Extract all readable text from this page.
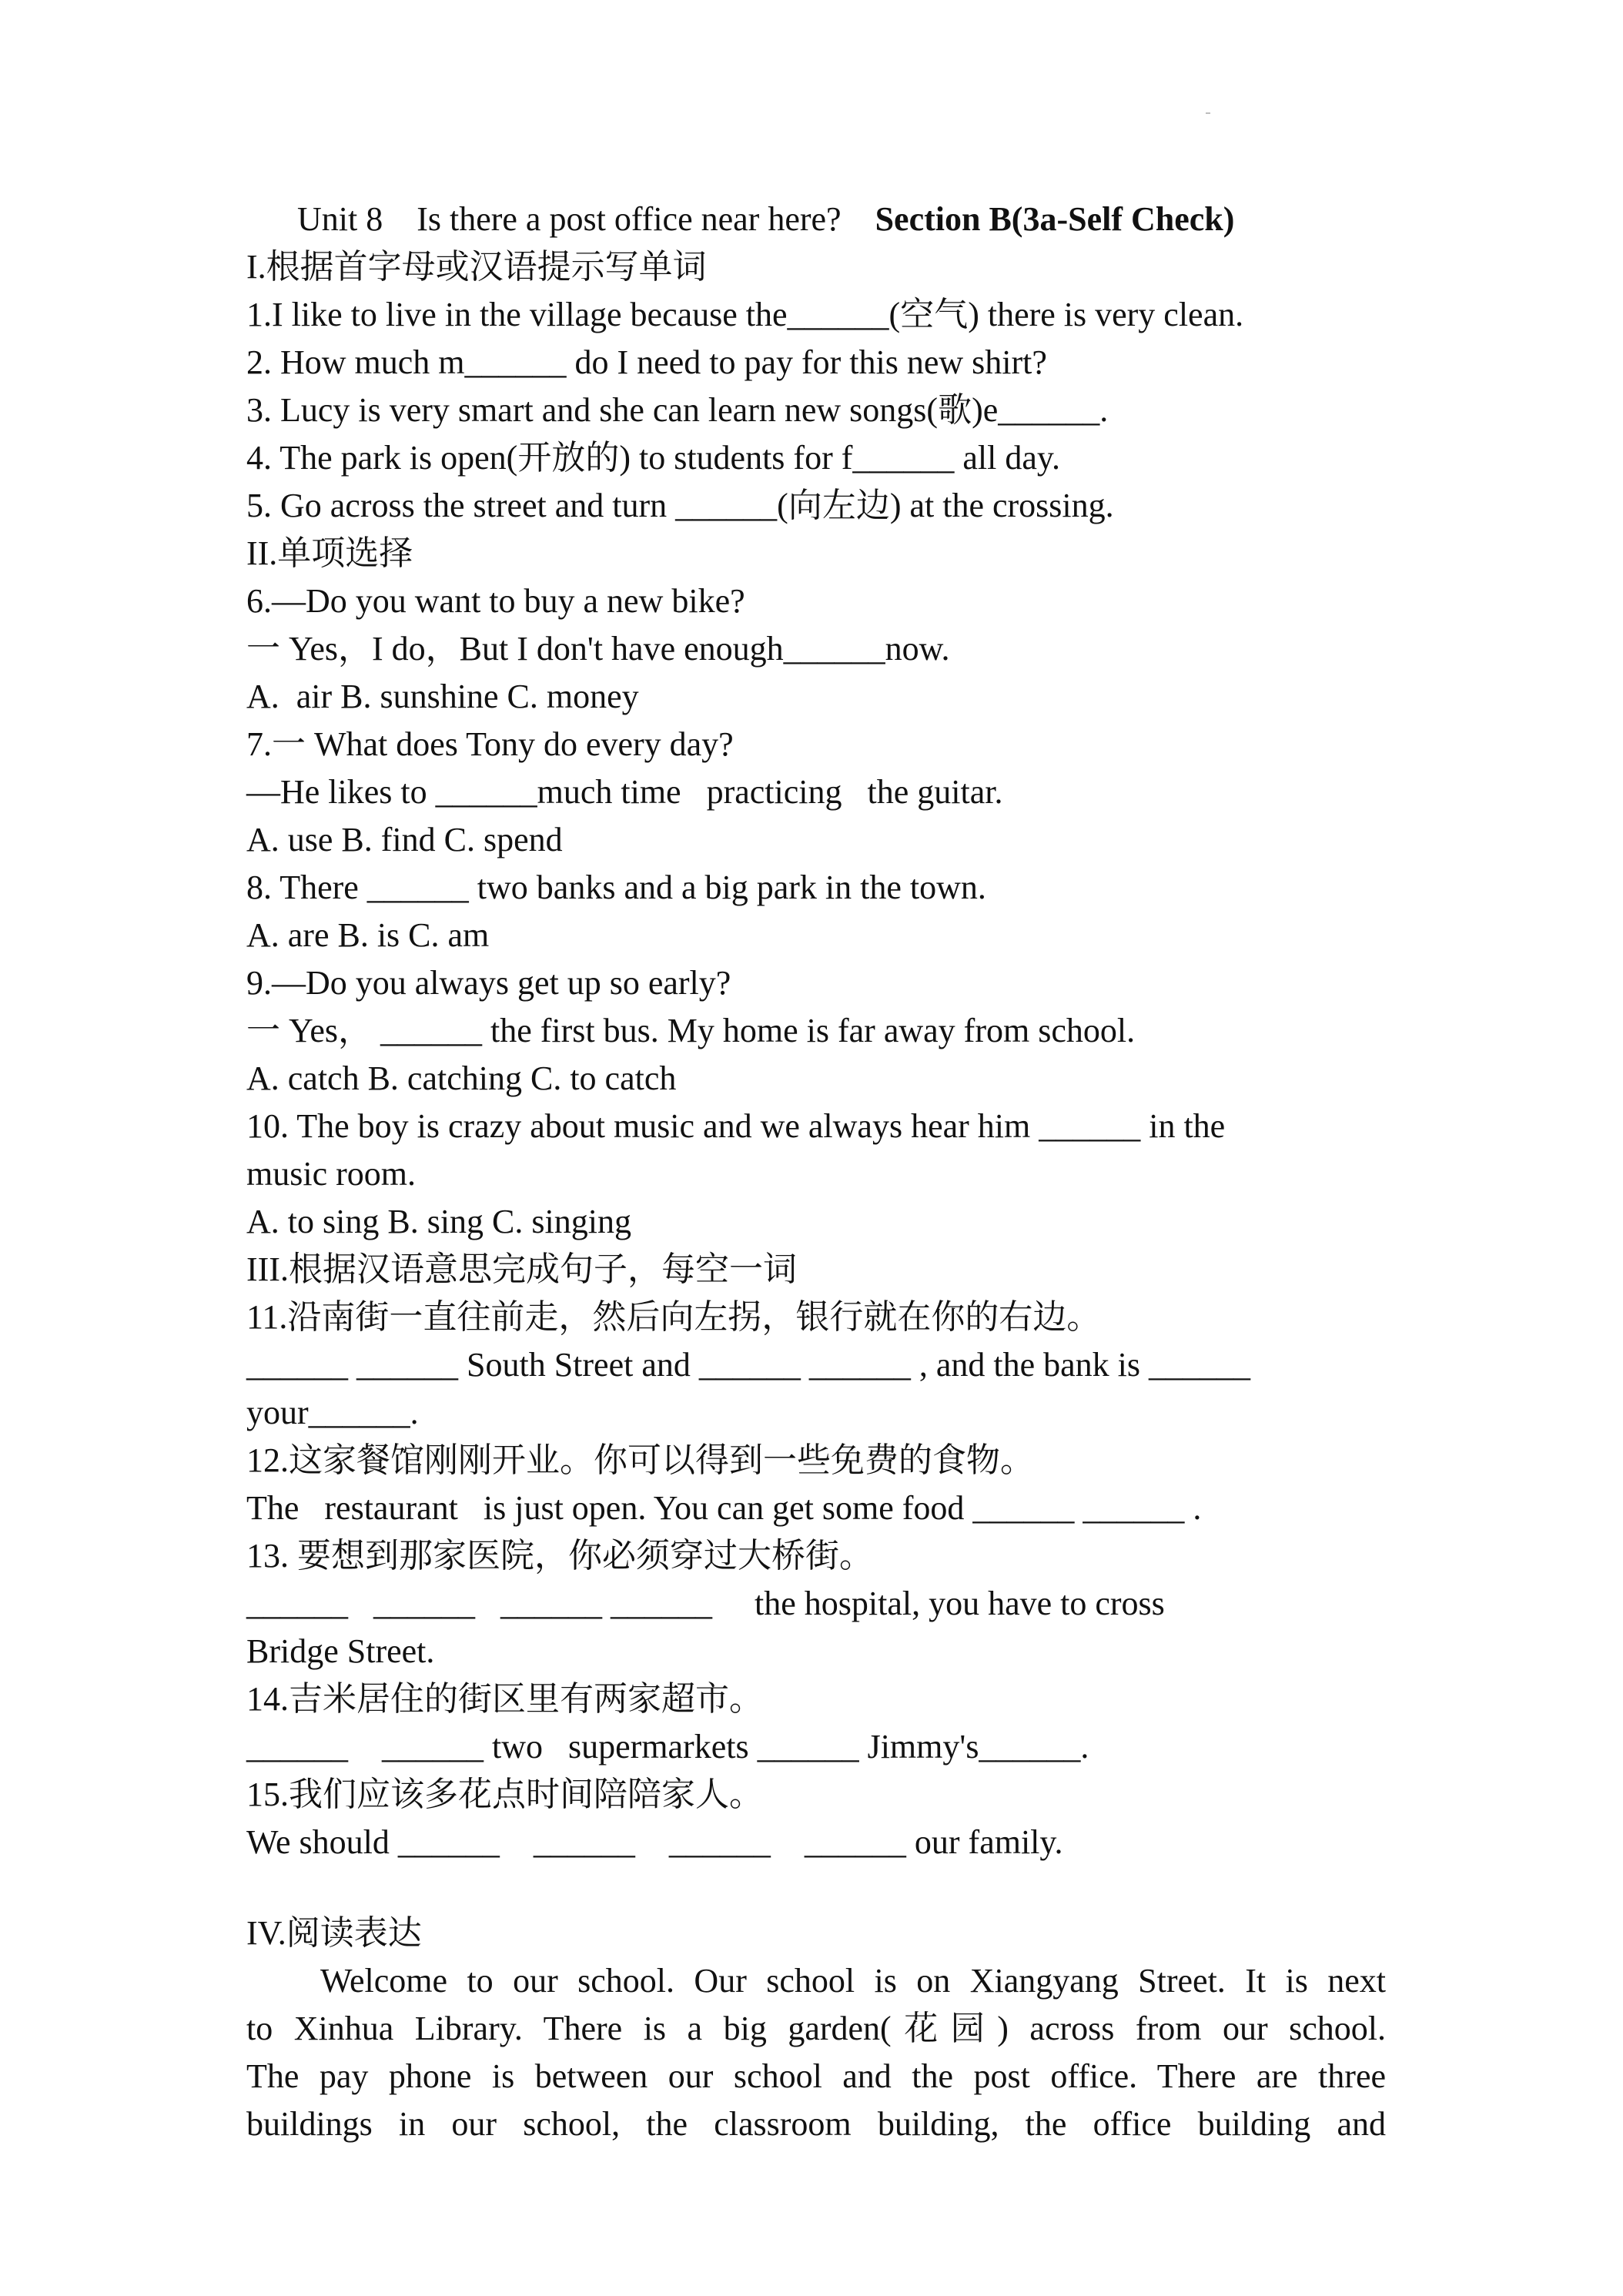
Unit 8    Is there a post office near here?    Section B(3a-Self Check)
I.根据首字母或汉语提示写单词
1.I like to live in the village because the______(空气) there is very clean.
2. How much m______ do I need to pay for this new shirt?
3. Lucy is very smart and she can learn new songs(歌)e______.
4. The park is open(开放的) to students for f______ all day.
5. Go across the street and turn ______(向左边) at the crossing.
II.单项选择
6.—Do you want to buy a new bike?
一 Yes，I do，But I don't have enough______now.
A.  air B. sunshine C. money
7.一 What does Tony do every day?
—He likes to ______much time   practicing   the guitar.
A. use B. find C. spend
8. There ______ two banks and a big park in the town.
A. are B. is C. am
9.—Do you always get up so early?
一 Yes， ______ the first bus. My home is far away from school.
A. catch B. catching C. to catch
10. The boy is crazy about music and we always hear him ______ in the
music room.
A. to sing B. sing C. singing
III.根据汉语意思完成句子，每空一词
11.沿南街一直往前走，然后向左拐，银行就在你的右边。
______ ______ South Street and ______ ______ , and the bank is ______
your______.
12.这家餐馆刚刚开业。你可以得到一些免费的食物。
The   restaurant   is just open. You can get some food ______ ______ .
13. 要想到那家医院，你必须穿过大桥街。
______   ______   ______ ______     the hospital, you have to cross
Bridge Street.
14.吉米居住的街区里有两家超市。
______    ______ two   supermarkets ______ Jimmy's______.
15.我们应该多花点时间陪陪家人。
We should ______    ______    ______    ______ our family.
IV.阅读表达
Welcome to our school. Our school is on Xiangyang Street. It is next
to Xinhua Library. There is a big garden(花园) across from our school.
The pay phone is between our school and the post office. There are three
buildings in our school, the classroom building, the office building and
